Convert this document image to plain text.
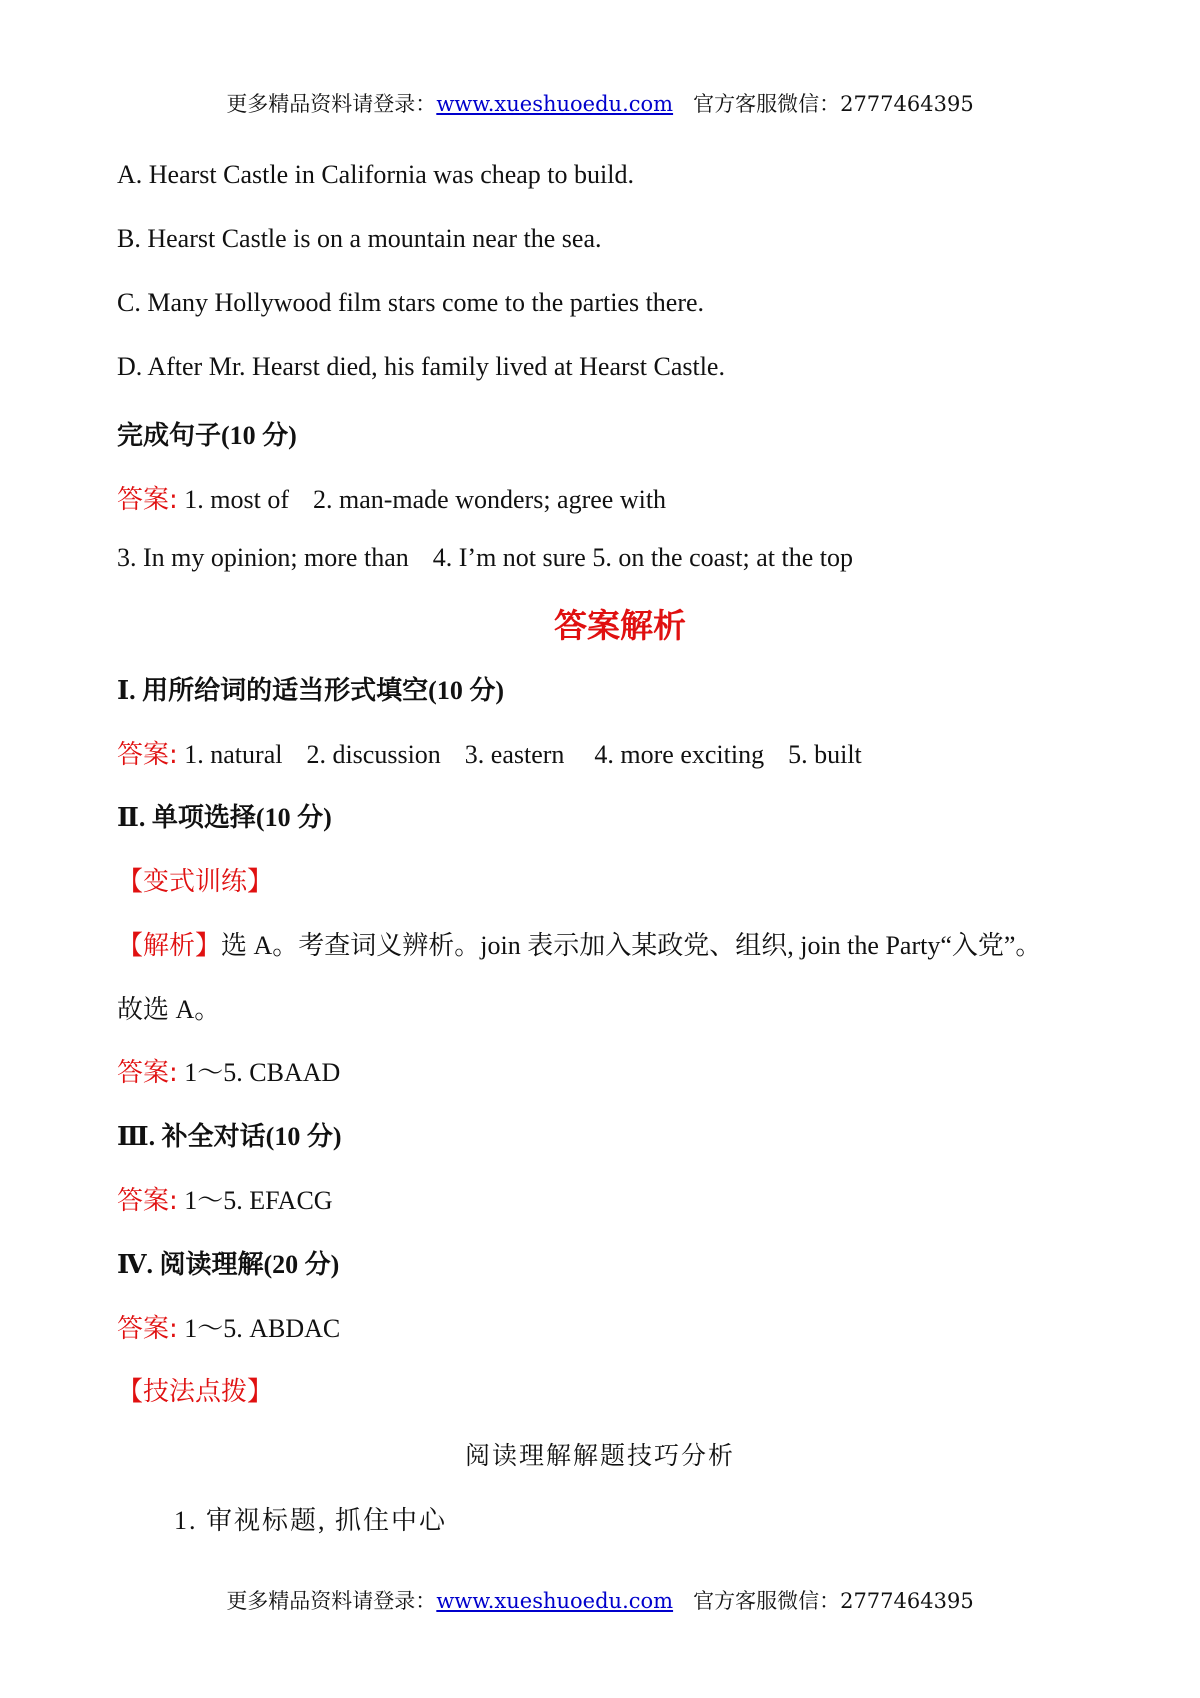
更多精品资料请登录：www.xueshuoedu.com 官方客服微信：2777464395
A. Hearst Castle in California was cheap to build.
B. Hearst Castle is on a mountain near the sea.
C. Many Hollywood film stars come to the parties there.
D. After Mr. Hearst died, his family lived at Hearst Castle.
完成句子(10 分)
答案: 1. most of 2. man-made wonders; agree with
3. In my opinion; more than 4. I’m not sure 5. on the coast; at the top
答案解析
Ⅰ. 用所给词的适当形式填空(10 分)
答案: 1. natural 2. discussion 3. eastern 4. more exciting 5. built
Ⅱ. 单项选择(10 分)
【变式训练】
【解析】选 A。考查词义辨析。join 表示加入某政党、组织, join the Party“入党”。
故选 A。
答案: 1～5. CBAAD
Ⅲ. 补全对话(10 分)
答案: 1～5. EFACG
Ⅳ. 阅读理解(20 分)
答案: 1～5. ABDAC
【技法点拨】
阅读理解解题技巧分析
1. 审视标题, 抓住中心
更多精品资料请登录：www.xueshuoedu.com 官方客服微信：2777464395
